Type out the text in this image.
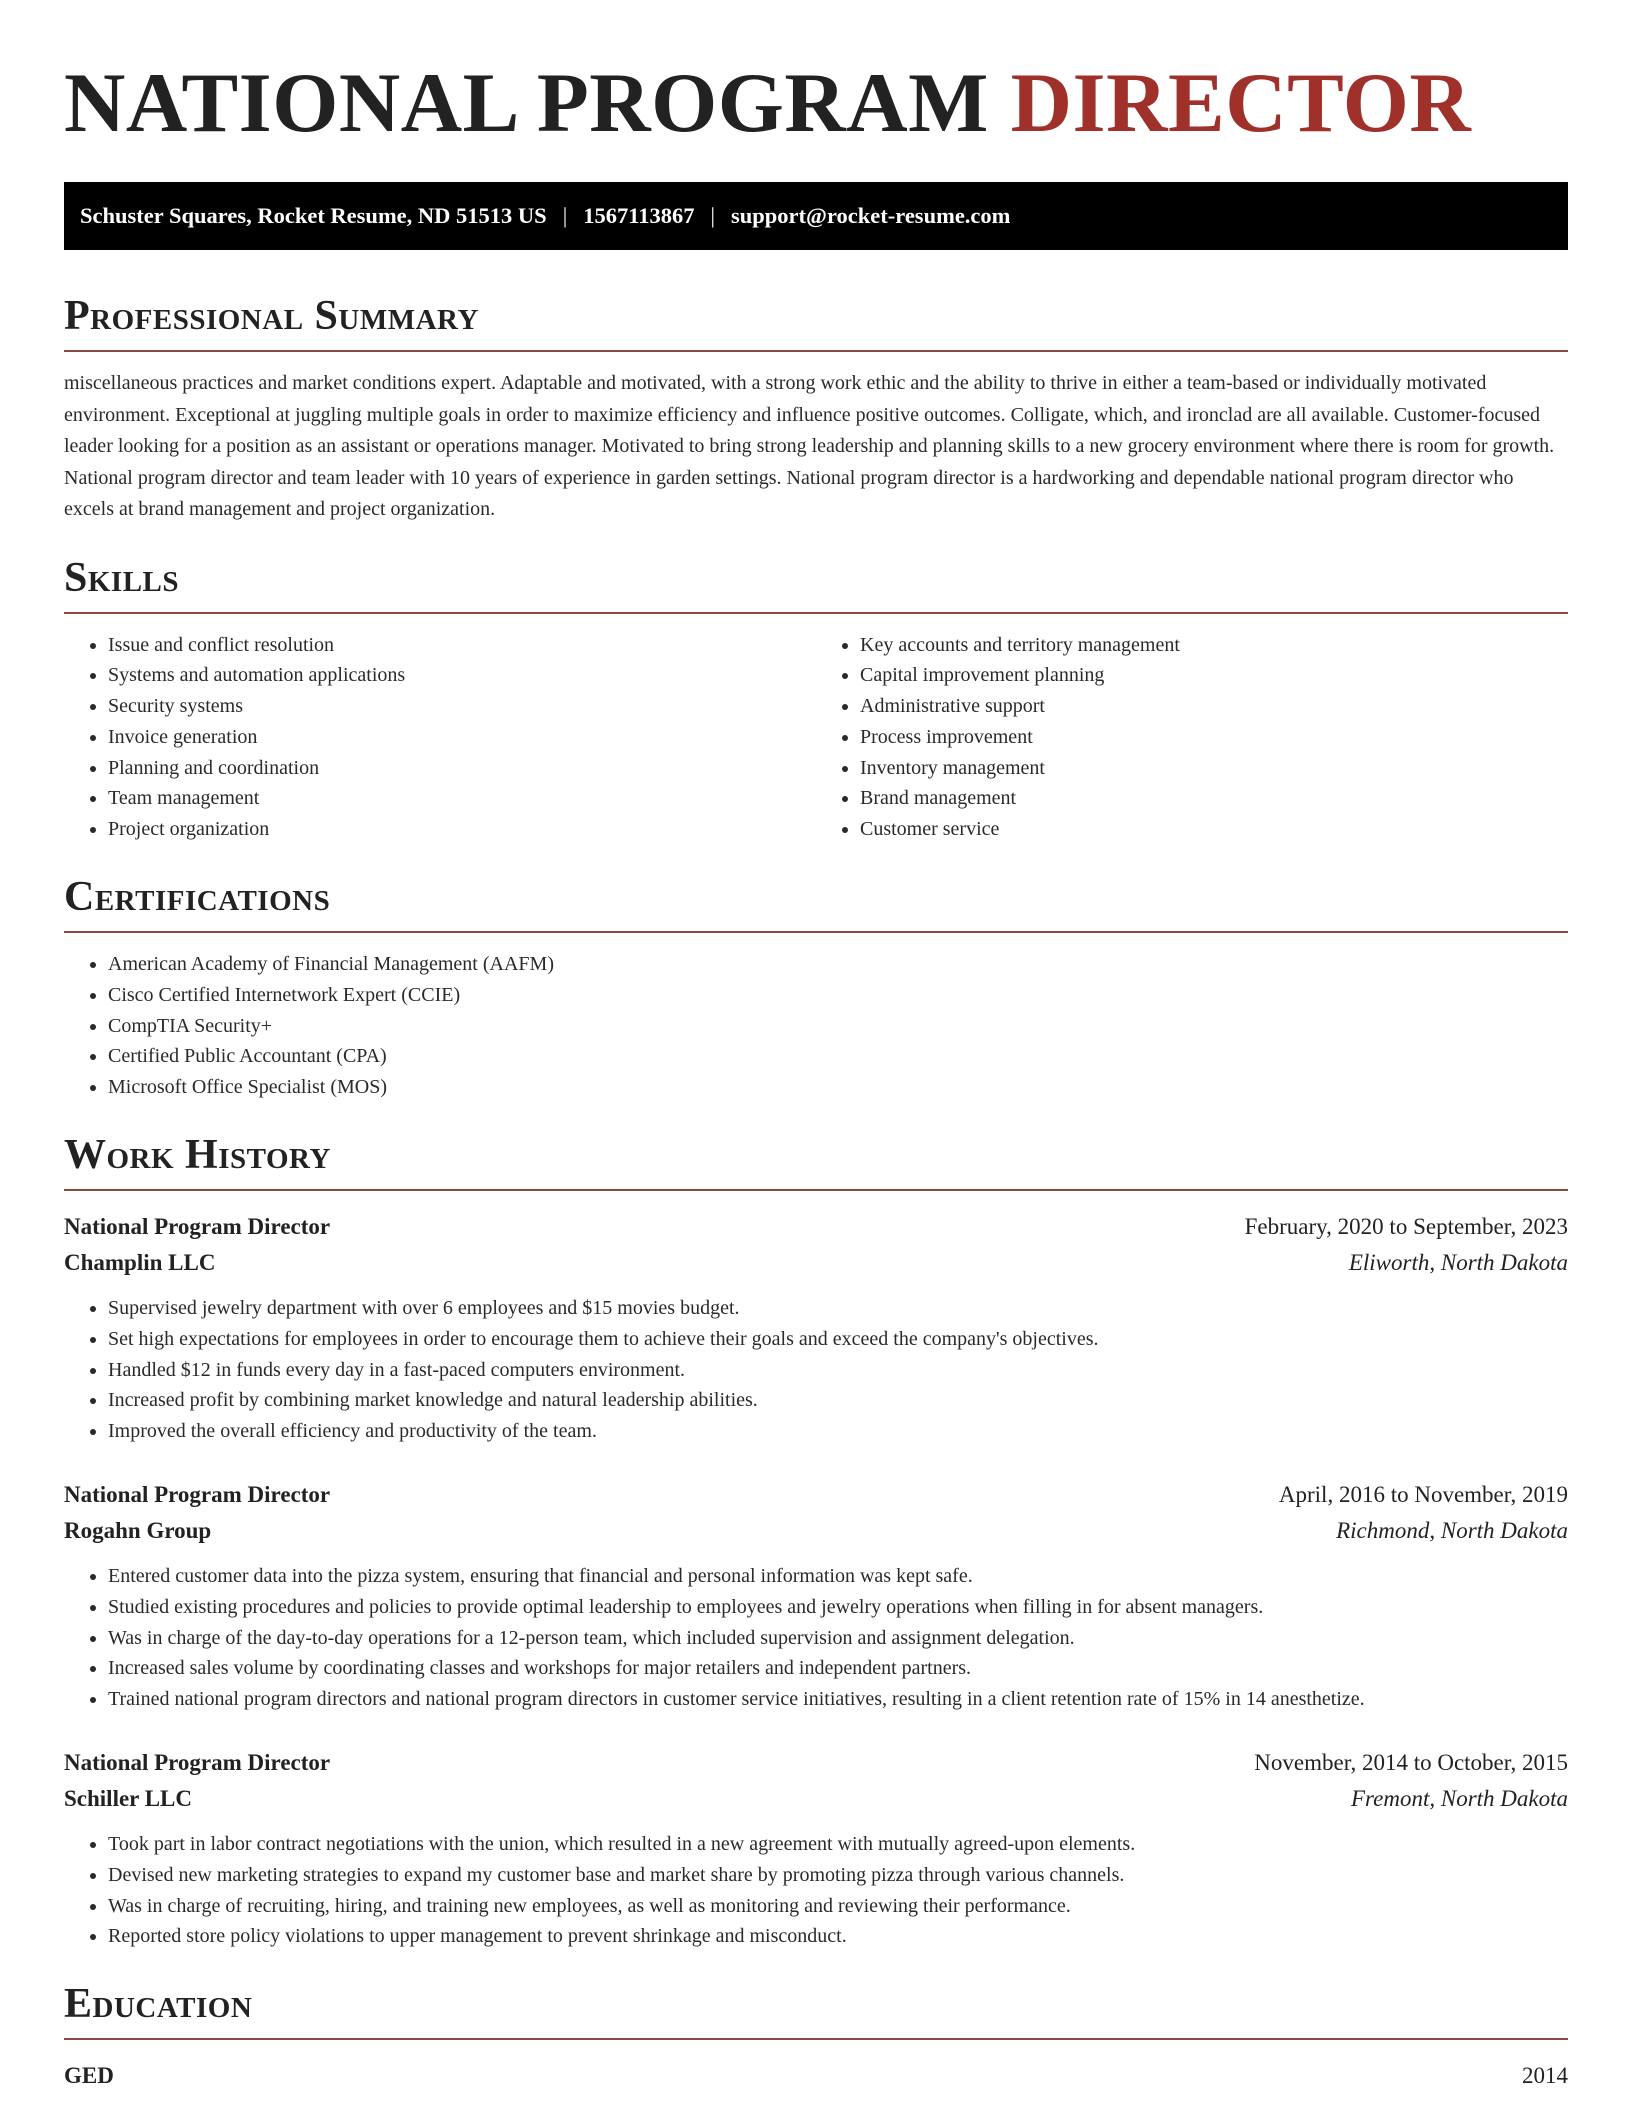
NATIONAL PROGRAM DIRECTOR
Schuster Squares, Rocket Resume, ND 51513 US | 1567113867 | support@rocket-resume.com
Professional Summary

miscellaneous practices and market conditions expert. Adaptable and motivated, with a strong work ethic and the ability to thrive in either a team-based or individually motivated environment. Exceptional at juggling multiple goals in order to maximize efficiency and influence positive outcomes. Colligate, which, and ironclad are all available. Customer-focused leader looking for a position as an assistant or operations manager. Motivated to bring strong leadership and planning skills to a new grocery environment where there is room for growth. National program director and team leader with 10 years of experience in garden settings. National program director is a hardworking and dependable national program director who excels at brand management and project organization.

Skills
• Issue and conflict resolution
• Systems and automation applications
• Security systems
• Invoice generation
• Planning and coordination
• Team management
• Project organization
• Key accounts and territory management
• Capital improvement planning
• Administrative support
• Process improvement
• Inventory management
• Brand management
• Customer service
Certifications
• American Academy of Financial Management (AAFM)
• Cisco Certified Internetwork Expert (CCIE)
• CompTIA Security+
• Certified Public Accountant (CPA)
• Microsoft Office Specialist (MOS)
Work History
National Program Director	February, 2020 to September, 2023
Champlin LLC	Eliworth, North Dakota
• Supervised jewelry department with over 6 employees and $15 movies budget.
• Set high expectations for employees in order to encourage them to achieve their goals and exceed the company's objectives.
• Handled $12 in funds every day in a fast-paced computers environment.
• Increased profit by combining market knowledge and natural leadership abilities.
• Improved the overall efficiency and productivity of the team.
National Program Director	April, 2016 to November, 2019
Rogahn Group	Richmond, North Dakota
• Entered customer data into the pizza system, ensuring that financial and personal information was kept safe.
• Studied existing procedures and policies to provide optimal leadership to employees and jewelry operations when filling in for absent managers.
• Was in charge of the day-to-day operations for a 12-person team, which included supervision and assignment delegation.
• Increased sales volume by coordinating classes and workshops for major retailers and independent partners.
• Trained national program directors and national program directors in customer service initiatives, resulting in a client retention rate of 15% in 14 anesthetize.
National Program Director	November, 2014 to October, 2015
Schiller LLC	Fremont, North Dakota
• Took part in labor contract negotiations with the union, which resulted in a new agreement with mutually agreed-upon elements.
• Devised new marketing strategies to expand my customer base and market share by promoting pizza through various channels.
• Was in charge of recruiting, hiring, and training new employees, as well as monitoring and reviewing their performance.
• Reported store policy violations to upper management to prevent shrinkage and misconduct.
Education
GED	2014
